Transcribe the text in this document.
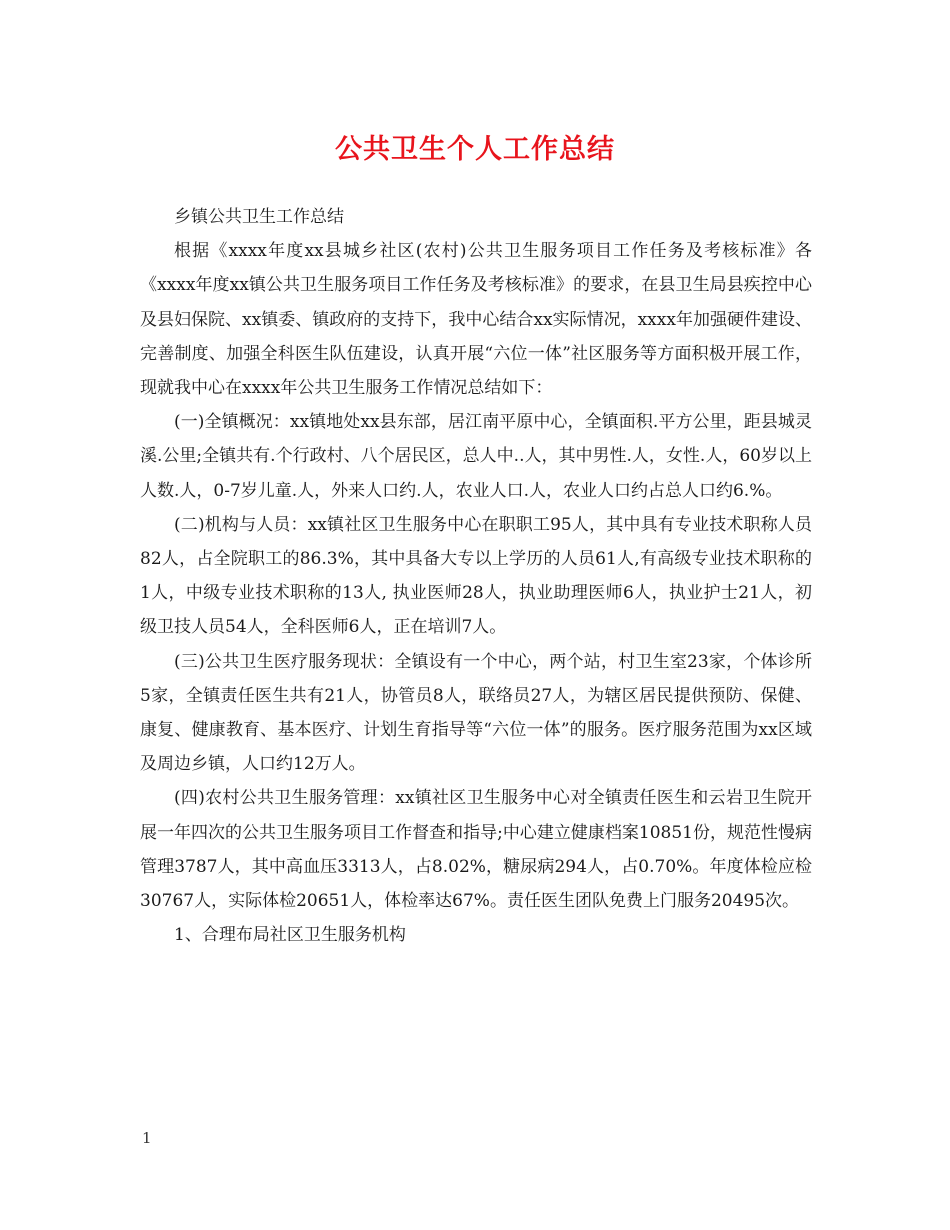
公共卫生个人工作总结

乡镇公共卫生工作总结

根据《xxxx年度xx县城乡社区(农村)公共卫生服务项目工作任务及考核标准》各《xxxx年度xx镇公共卫生服务项目工作任务及考核标准》的要求，在县卫生局县疾控中心及县妇保院、xx镇委、镇政府的支持下，我中心结合xx实际情况，xxxx年加强硬件建设、完善制度、加强全科医生队伍建设，认真开展“六位一体”社区服务等方面积极开展工作，现就我中心在xxxx年公共卫生服务工作情况总结如下：

(一)全镇概况：xx镇地处xx县东部，居江南平原中心，全镇面积.平方公里，距县城灵溪.公里;全镇共有.个行政村、八个居民区，总人中..人，其中男性.人，女性.人，60岁以上人数.人，0-7岁儿童.人，外来人口约.人，农业人口.人，农业人口约占总人口约6.%。

(二)机构与人员：xx镇社区卫生服务中心在职职工95人，其中具有专业技术职称人员82人，占全院职工的86.3%，其中具备大专以上学历的人员61人,有高级专业技术职称的1人，中级专业技术职称的13人, 执业医师28人，执业助理医师6人，执业护士21人，初级卫技人员54人，全科医师6人，正在培训7人。

(三)公共卫生医疗服务现状：全镇设有一个中心，两个站，村卫生室23家，个体诊所5家，全镇责任医生共有21人，协管员8人，联络员27人，为辖区居民提供预防、保健、康复、健康教育、基本医疗、计划生育指导等“六位一体”的服务。医疗服务范围为xx区域及周边乡镇，人口约12万人。

(四)农村公共卫生服务管理：xx镇社区卫生服务中心对全镇责任医生和云岩卫生院开展一年四次的公共卫生服务项目工作督查和指导;中心建立健康档案10851份，规范性慢病管理3787人，其中高血压3313人，占8.02%，糖尿病294人，占0.70%。年度体检应检30767人，实际体检20651人，体检率达67%。责任医生团队免费上门服务20495次。

1、合理布局社区卫生服务机构

1
